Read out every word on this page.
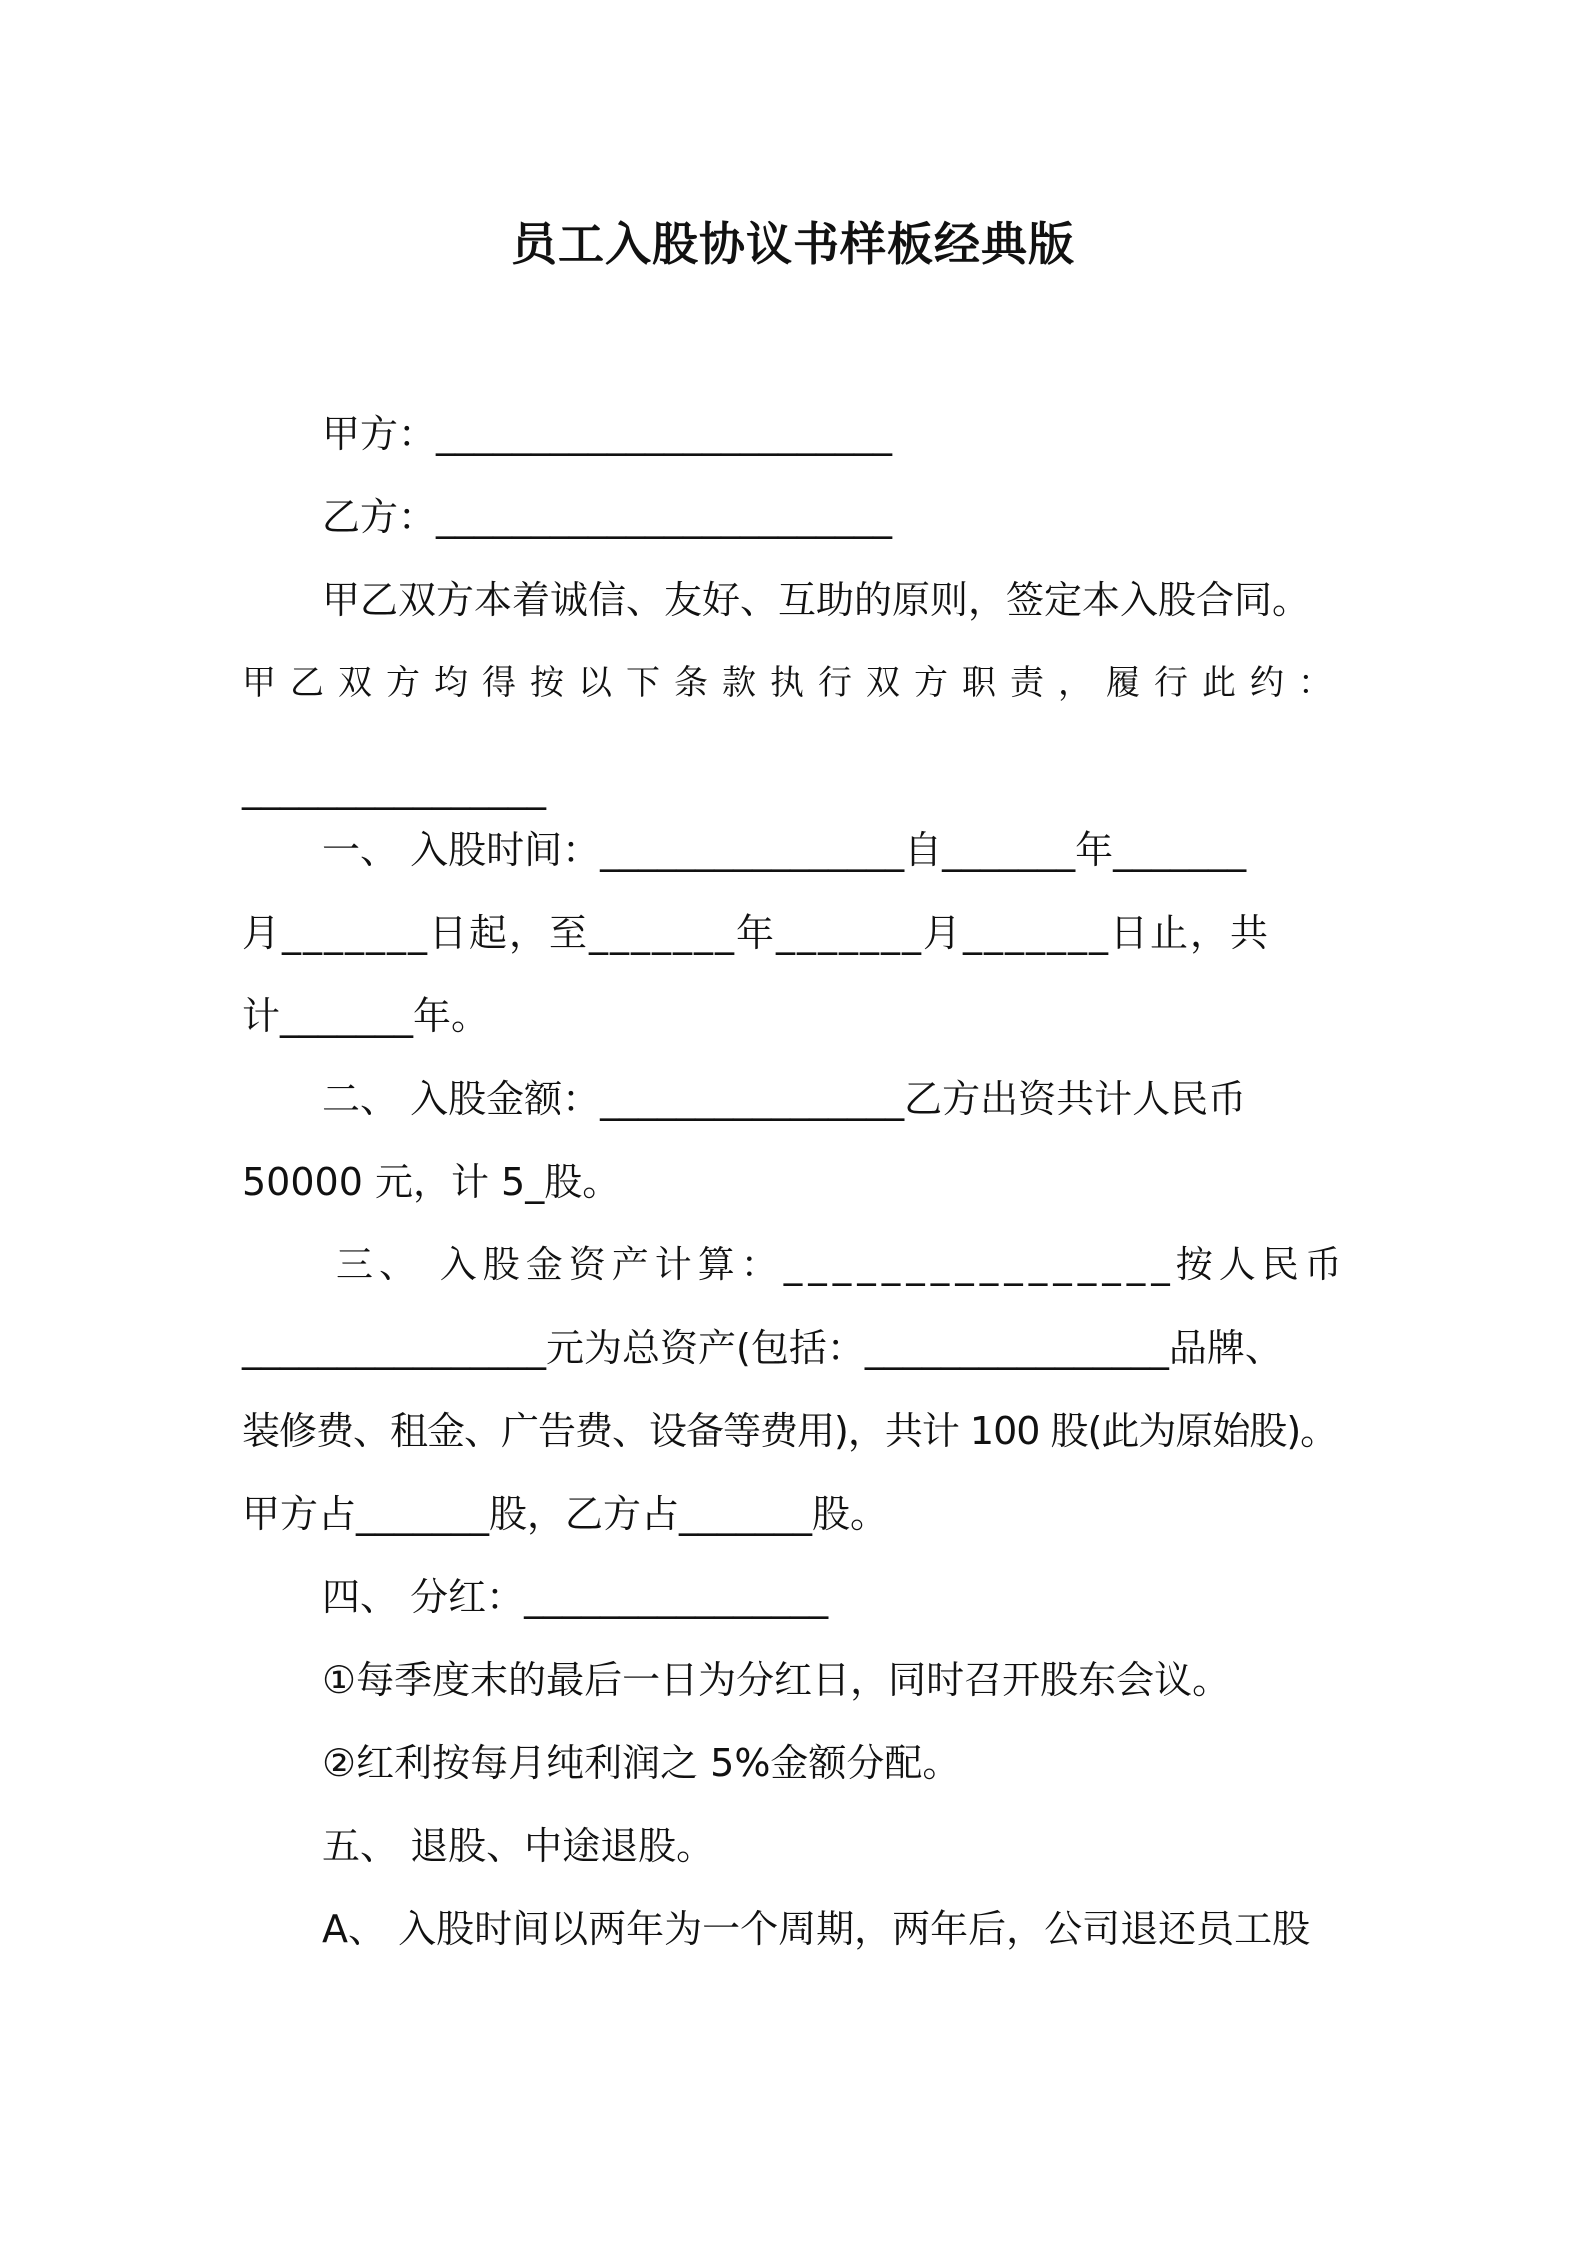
员工入股协议书样板经典版

甲方：________________________

乙方：________________________

甲乙双方本着诚信、友好、互助的原则，签定本入股合同。

甲乙双方均得按以下条款执行双方职责，履行此约：

________________

一、 入股时间：________________自_______年_______

月_______日起，至_______年_______月_______日止，共

计_______年。

二、 入股金额：________________乙方出资共计人民币

50000 元，计 5_股。

三、 入股金资产计算：________________按人民币

________________元为总资产(包括：________________品牌、

装修费、租金、广告费、设备等费用)，共计 100 股(此为原始股)。

甲方占_______股，乙方占_______股。

四、 分红：________________

①每季度末的最后一日为分红日，同时召开股东会议。

②红利按每月纯利润之 5%金额分配。

五、 退股、中途退股。

A、 入股时间以两年为一个周期，两年后，公司退还员工股
